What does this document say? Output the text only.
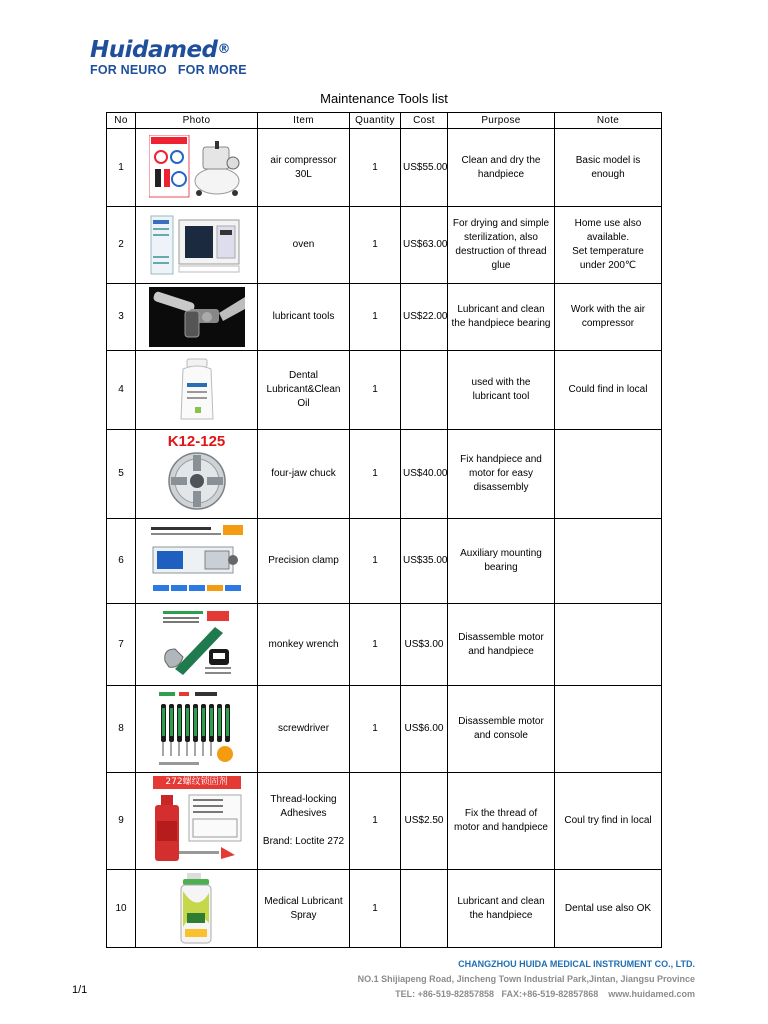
Huidamed®
FOR NEURO   FOR MORE
Maintenance Tools list
No	Photo	Item	Quantity	Cost	Purpose	Note
1		air compressor
30L	1	US$55.00	Clean and dry the
handpiece	Basic model is
enough
2		oven	1	US$63.00	For drying and simple
sterilization, also
destruction of thread
glue	Home use also
available.
Set temperature
under 200℃
3		lubricant tools	1	US$22.00	Lubricant and clean
the handpiece bearing	Work with the air
compressor
4		Dental
Lubricant&Clean
Oil	1		used with the
lubricant tool	Could find in local
5	K12-125	four-jaw chuck	1	US$40.00	Fix handpiece and
motor for easy
disassembly	
6		Precision clamp	1	US$35.00	Auxiliary mounting
bearing	
7		monkey wrench	1	US$3.00	Disassemble motor
and handpiece	
8		screwdriver	1	US$6.00	Disassemble motor
and console	
9	272螺纹锁固剂	Thread-locking
Adhesives

Brand: Loctite 272	1	US$2.50	Fix the thread of
motor and handpiece	Coul try find in local
10		Medical Lubricant
Spray	1		Lubricant and clean
the handpiece	Dental use also OK
CHANGZHOU HUIDA MEDICAL INSTRUMENT CO., LTD.
NO.1 Shijiapeng Road, Jincheng Town Industrial Park,Jintan, Jiangsu Province
TEL: +86-519-82857858   FAX:+86-519-82857868    www.huidamed.com
1/1
